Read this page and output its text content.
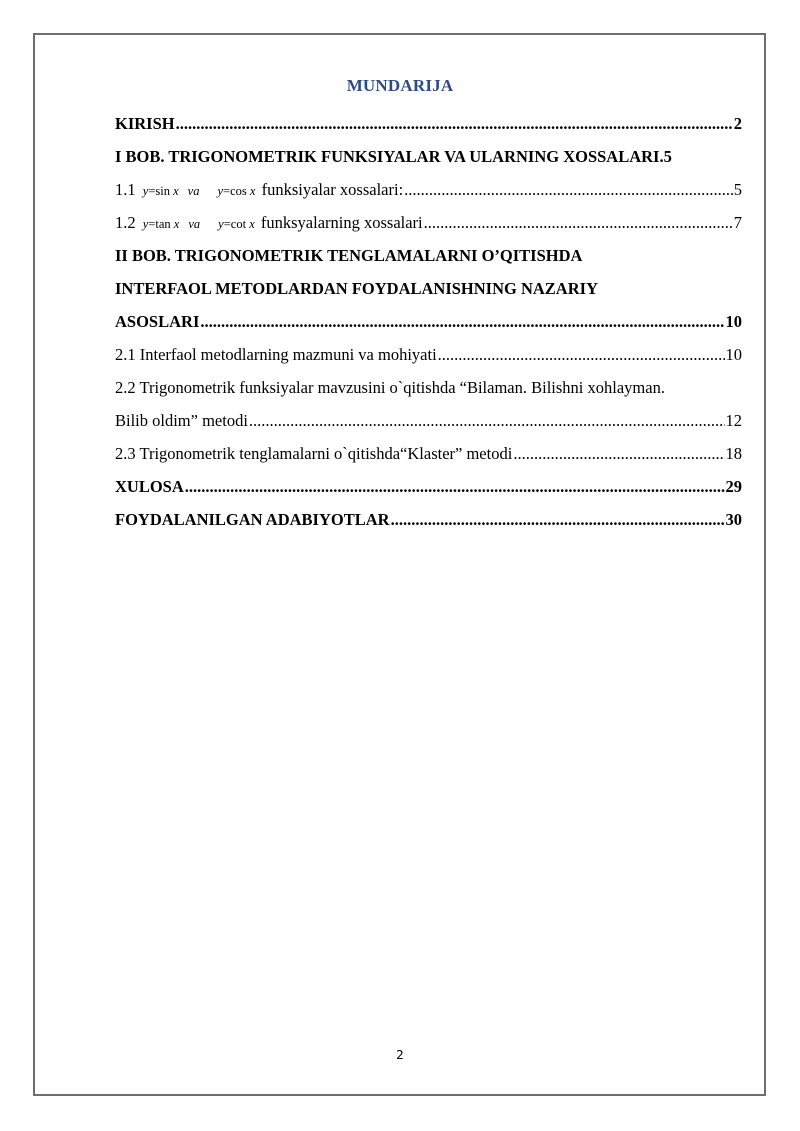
MUNDARIJA
KIRISH .....	2
I BOB. TRIGONOMETRIK FUNKSIYALAR VA ULARNING XOSSALARI. 5
1.1 y=sin x va y=cos x funksiyalar xossalari: .....	5
1.2 y=tan x va y=cot x funksyalarning xossalari .....	7
II BOB. TRIGONOMETRIK TENGLAMALARNI O’QITISHDA
INTERFAOL METODLARDAN FOYDALANISHNING NAZARIY
ASOSLARI .....	10
2.1 Interfaol metodlarning mazmuni va mohiyati .....	10
2.2 Trigonometrik funksiyalar mavzusini o`qitishda “Bilaman. Bilishni xohlayman.
Bilib oldim” metodi .....	12
2.3 Trigonometrik tenglamalarni o`qitishda“Klaster” metodi .....	18
XULOSA .....	29
FOYDALANILGAN ADABIYOTLAR .....	30
2
